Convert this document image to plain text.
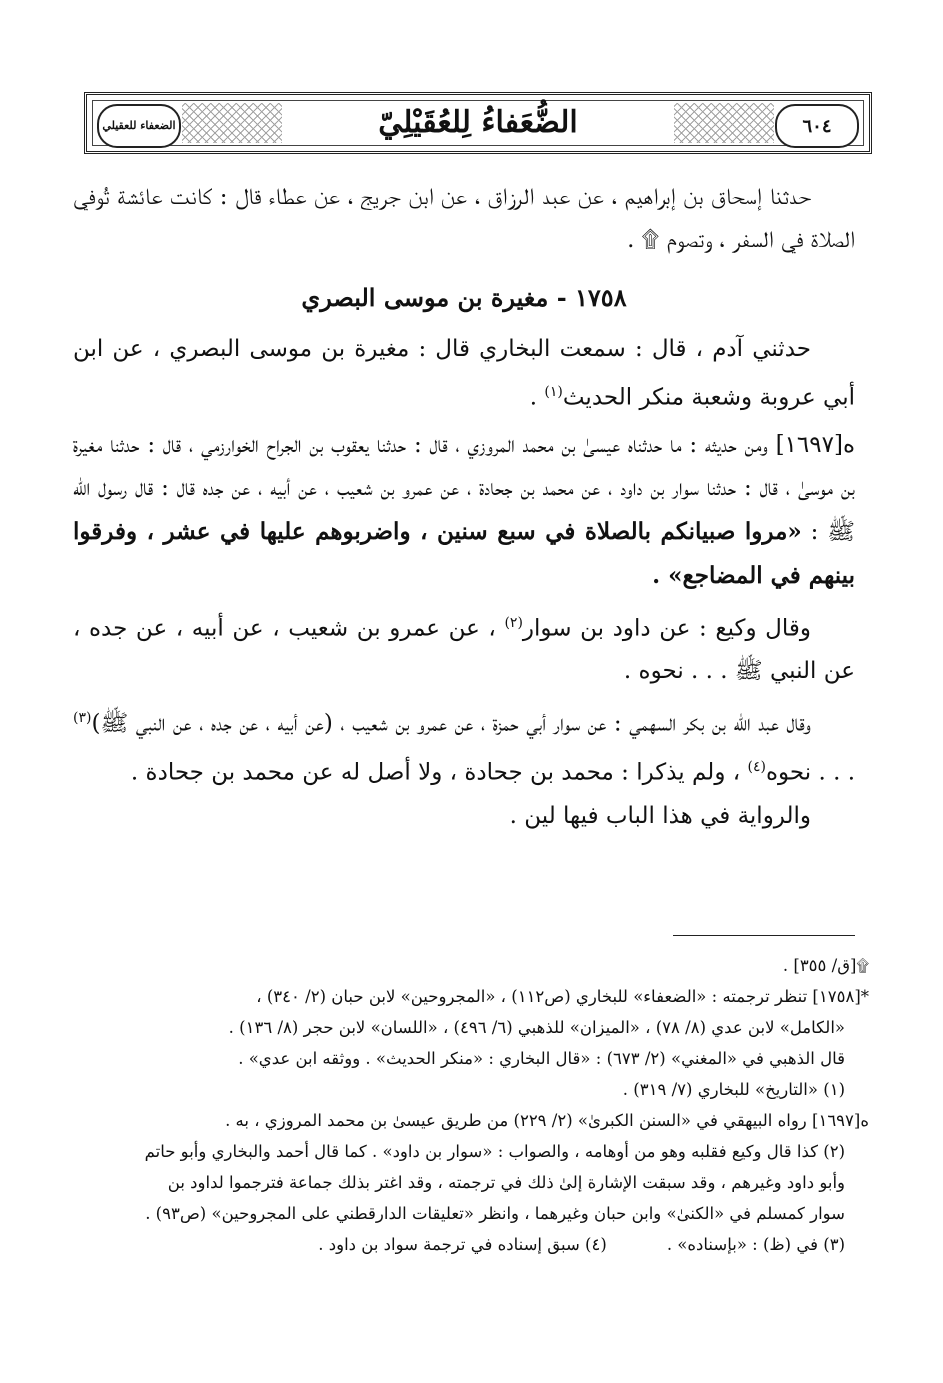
٦٠٤
الضعفاء للعقيلي	الضُّعَفاءُ لِلعُقَيْلِيّ

حدثنا إسحاق بن إبراهيم ، عن عبد الرزاق ، عن ابن جريج ، عن عطاء قال : كانت عائشة تُوفي الصلاة في السفر ، وتصوم ۩ .

١٧٥٨ - مغيرة بن موسى البصري

حدثني آدم ، قال : سمعت البخاري قال : مغيرة بن موسى البصري ، عن ابن أبي عروبة وشعبة منكر الحديث$^{(١)}$ .

ه[١٦٩٧] ومن حديثه : ما حدثناه عيسىٰ بن محمد المروزي ، قال : حدثنا يعقوب بن الجراح الخوارزمي ، قال : حدثنا مغيرة بن موسىٰ ، قال : حدثنا سوار بن داود ، عن محمد بن جحادة ، عن عمرو بن شعيب ، عن أبيه ، عن جده قال : قال رسول الله ﷺ : «مروا صبيانكم بالصلاة في سبع سنين ، واضربوهم عليها في عشر ، وفرقوا بينهم في المضاجع» .

وقال وكيع : عن داود بن سوار$^{(٢)}$ ، عن عمرو بن شعيب ، عن أبيه ، عن جده ، عن النبي ﷺ . . . نحوه .

وقال عبد الله بن بكر السهمي : عن سوار أبي حمزة ، عن عمرو بن شعيب ، (عن أبيه ، عن جده ، عن النبي ﷺ)$^{(٣)}$ . . . نحوه$^{(٤)}$ ، ولم يذكرا : محمد بن جحادة ، ولا أصل له عن محمد بن جحادة .

والرواية في هذا الباب فيها لين .

۩[ق/ ٣٥٥] .

*[١٧٥٨] تنظر ترجمته : «الضعفاء» للبخاري (ص١١٢) ، «المجروحين» لابن حبان (٢/ ٣٤٠) ،

«الكامل» لابن عدي (٨/ ٧٨) ، «الميزان» للذهبي (٦/ ٤٩٦) ، «اللسان» لابن حجر (٨/ ١٣٦) .

قال الذهبي في «المغني» (٢/ ٦٧٣) : «قال البخاري : «منكر الحديث» . ووثقه ابن عدي» .

(١) «التاريخ» للبخاري (٧/ ٣١٩) .

ه[١٦٩٧] رواه البيهقي في «السنن الكبرىٰ» (٢/ ٢٢٩) من طريق عيسىٰ بن محمد المروزي ، به .

(٢) كذا قال وكيع فقلبه وهو من أوهامه ، والصواب : «سوار بن داود» . كما قال أحمد والبخاري وأبو حاتم

وأبو داود وغيرهم ، وقد سبقت الإشارة إلىٰ ذلك في ترجمته ، وقد اغتر بذلك جماعة فترجموا لداود بن

سوار كمسلم في «الكنىٰ» وابن حبان وغيرهما ، وانظر «تعليقات الدارقطني على المجروحين» (ص٩٣) .

(٣) في (ظ) : «بإسناده» .
(٤) سبق إسناده في ترجمة سواد بن داود .
